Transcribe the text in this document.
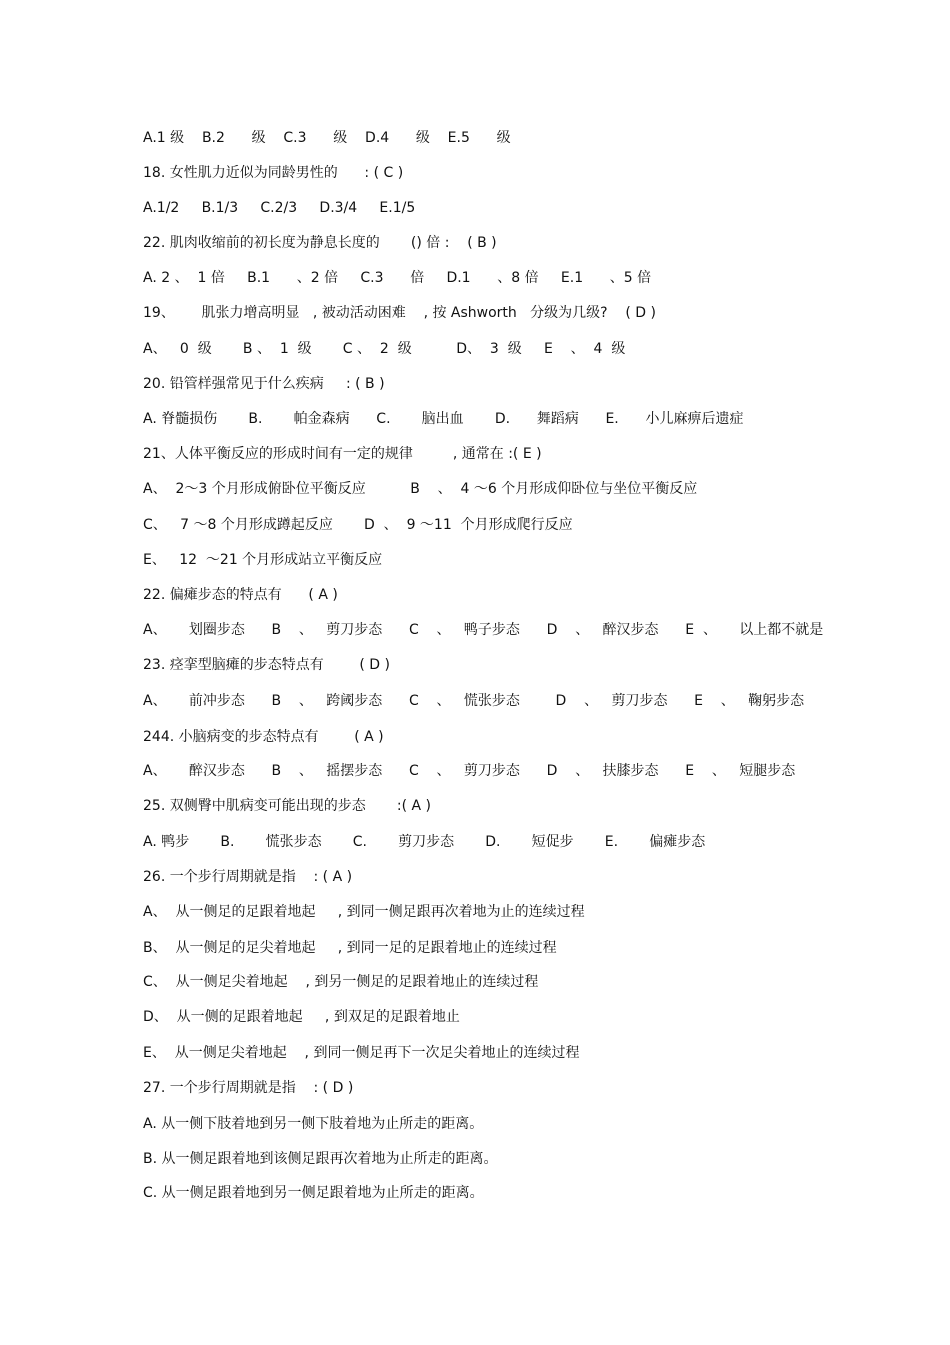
A.1 级    B.2      级    C.3      级    D.4      级    E.5      级
18. 女性肌力近似为同龄男性的      : ( C )
A.1/2     B.1/3     C.2/3     D.3/4     E.1/5
22. 肌肉收缩前的初长度为静息长度的       () 倍 :    ( B )
A. 2 、  1 倍     B.1      、2 倍     C.3      倍     D.1      、8 倍     E.1      、5 倍
19、      肌张力增高明显   , 被动活动困难    , 按 Ashworth   分级为几级?    ( D )
A、   0  级       B 、  1  级       C 、  2  级          D、  3  级     E    、  4  级
20. 铅管样强常见于什么疾病     : ( B )
A. 脊髓损伤       B.       帕金森病      C.       脑出血       D.      舞蹈病      E.      小儿麻痹后遗症
21、人体平衡反应的形成时间有一定的规律         , 通常在 :( E )
A、  2～3 个月形成俯卧位平衡反应          B    、  4 ～6 个月形成仰卧位与坐位平衡反应
C、   7 ～8 个月形成蹲起反应       D  、  9 ～11  个月形成爬行反应
E、   12  ～21 个月形成站立平衡反应
22. 偏瘫步态的特点有      ( A )
A、     划圈步态      B    、   剪刀步态      C    、   鸭子步态      D    、   醉汉步态      E  、     以上都不就是
23. 痉挛型脑瘫的步态特点有        ( D )
A、     前冲步态      B    、   跨阈步态      C    、   慌张步态        D    、   剪刀步态      E    、   鞠躬步态
244. 小脑病变的步态特点有        ( A )
A、     醉汉步态      B    、   摇摆步态      C    、   剪刀步态      D    、   扶膝步态      E    、   短腿步态
25. 双侧臀中肌病变可能出现的步态       :( A )
A. 鸭步       B.       慌张步态       C.       剪刀步态       D.       短促步       E.       偏瘫步态
26. 一个步行周期就是指    : ( A )
A、  从一侧足的足跟着地起     , 到同一侧足跟再次着地为止的连续过程
B、  从一侧足的足尖着地起     , 到同一足的足跟着地止的连续过程
C、  从一侧足尖着地起    , 到另一侧足的足跟着地止的连续过程
D、  从一侧的足跟着地起     , 到双足的足跟着地止
E、  从一侧足尖着地起    , 到同一侧足再下一次足尖着地止的连续过程
27. 一个步行周期就是指    : ( D )
A. 从一侧下肢着地到另一侧下肢着地为止所走的距离。
B. 从一侧足跟着地到该侧足跟再次着地为止所走的距离。
C. 从一侧足跟着地到另一侧足跟着地为止所走的距离。
